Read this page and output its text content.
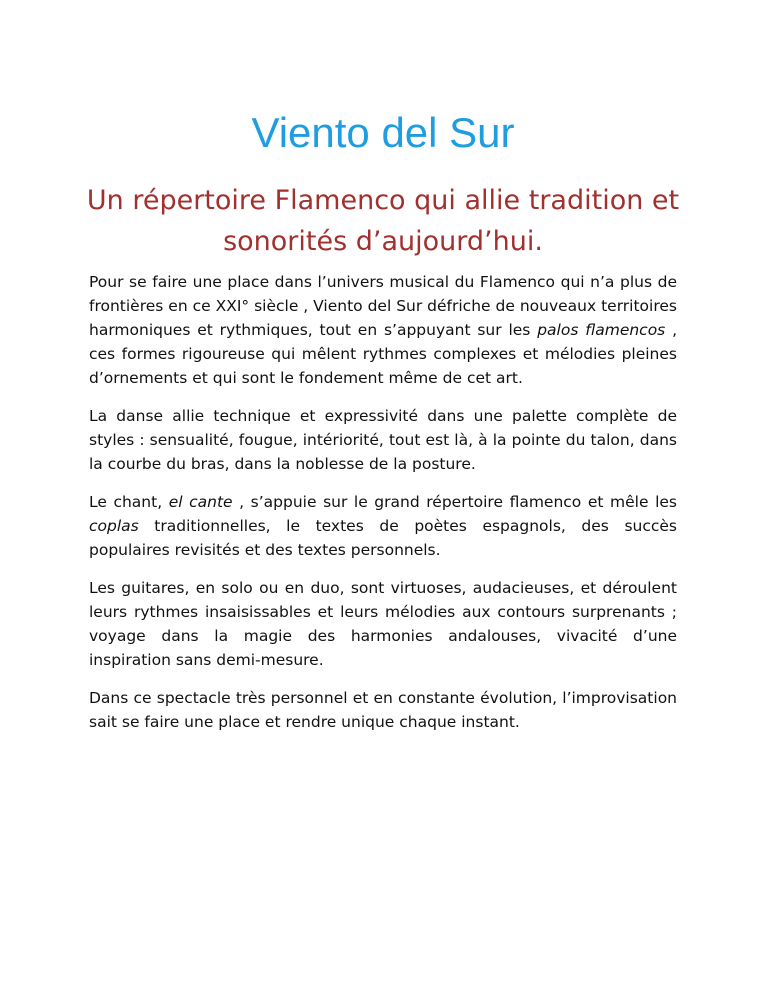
Viento del Sur
Un répertoire Flamenco qui allie tradition et sonorités d’aujourd’hui.

Pour se faire une place dans l’univers musical du Flamenco qui n’a plus de frontières en ce XXI° siècle , Viento del Sur défriche de nouveaux territoires harmoniques et rythmiques, tout en s’appuyant sur les palos flamencos , ces formes rigoureuse qui mêlent rythmes complexes et mélodies pleines d’ornements et qui sont le fondement même de cet art.

La danse allie technique et expressivité dans une palette complète de styles : sensualité, fougue, intériorité, tout est là, à la pointe du talon, dans la courbe du bras, dans la noblesse de la posture.

Le chant, el cante , s’appuie sur le grand répertoire flamenco et mêle les coplas traditionnelles, le textes de poètes espagnols, des succès populaires revisités et des textes personnels.

Les guitares, en solo ou en duo, sont virtuoses, audacieuses, et déroulent leurs rythmes insaisissables et leurs mélodies aux contours surprenants ; voyage dans la magie des harmonies andalouses, vivacité d’une inspiration sans demi-mesure.

Dans ce spectacle très personnel et en constante évolution, l’improvisation sait se faire une place et rendre unique chaque instant.
